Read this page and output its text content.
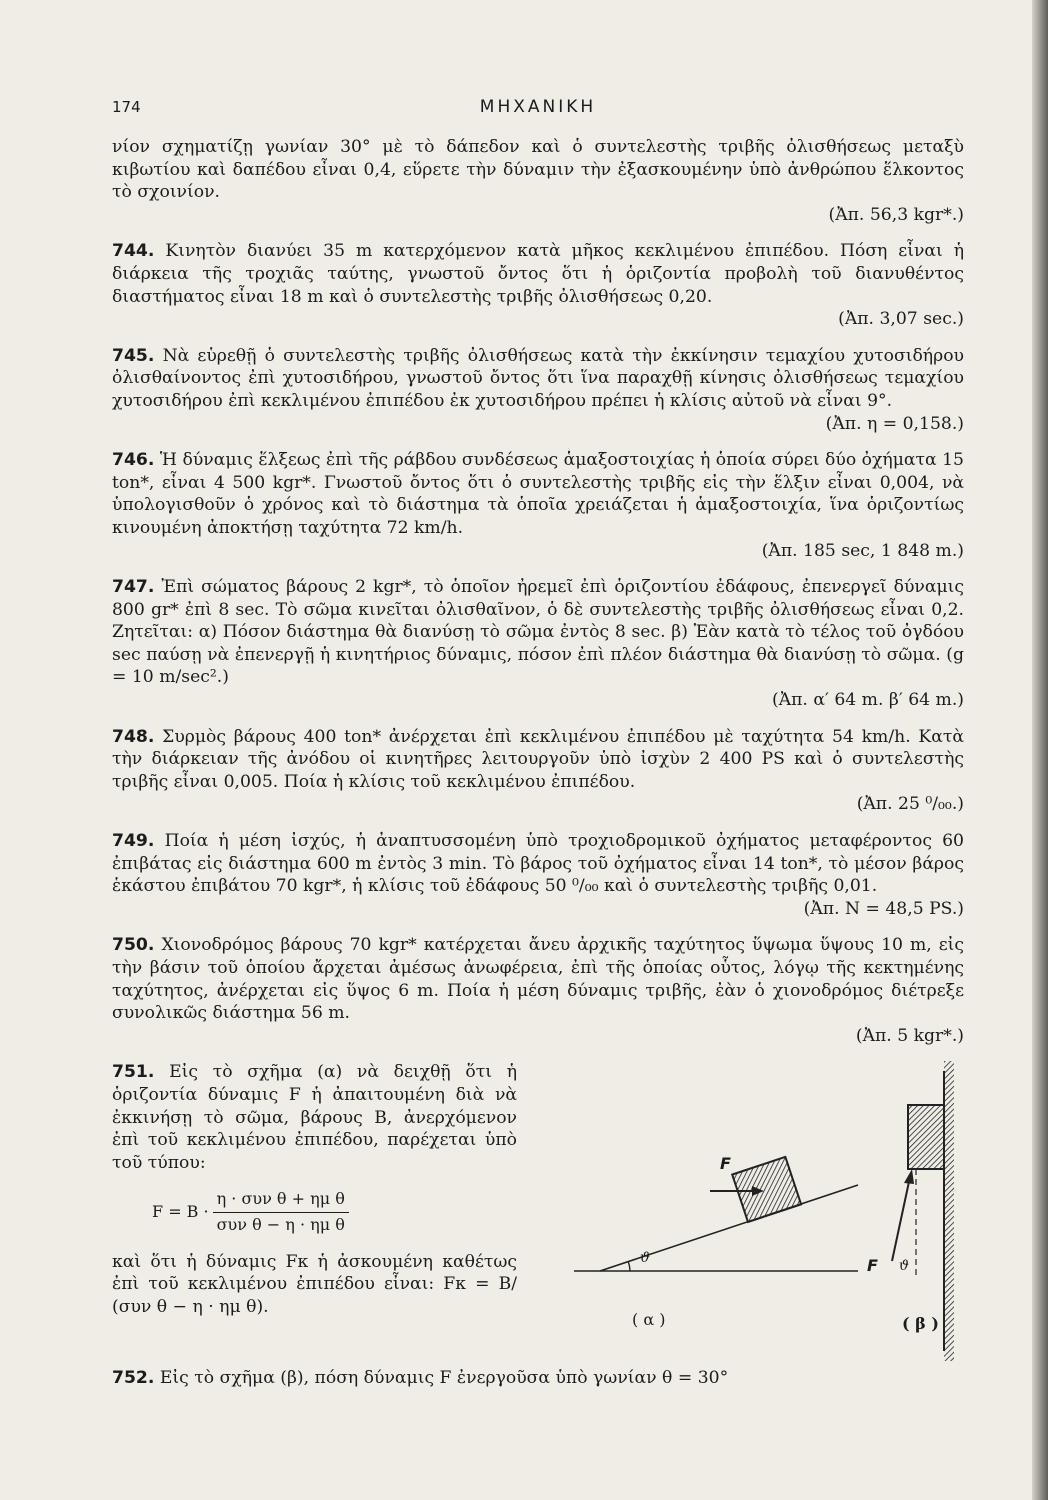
174	ΜΗΧΑΝΙΚΗ

νίον σχηματίζῃ γωνίαν 30° μὲ τὸ δάπεδον καὶ ὁ συντελεστὴς τριβῆς ὀλισθήσεως μεταξὺ κιβωτίου καὶ δαπέδου εἶναι 0,4, εὕρετε τὴν δύναμιν τὴν ἐξασκουμένην ὑπὸ ἀνθρώπου ἕλκοντος τὸ σχοινίον.
(Ἀπ. 56,3 kgr*.)

744. Κινητὸν διανύει 35 m κατερχόμενον κατὰ μῆκος κεκλιμένου ἐπιπέδου. Πόση εἶναι ἡ διάρκεια τῆς τροχιᾶς ταύτης, γνωστοῦ ὄντος ὅτι ἡ ὁριζοντία προβολὴ τοῦ διανυθέντος διαστήματος εἶναι 18 m καὶ ὁ συντελεστὴς τριβῆς ὀλισθήσεως 0,20.
(Ἀπ. 3,07 sec.)

745. Νὰ εὑρεθῇ ὁ συντελεστὴς τριβῆς ὀλισθήσεως κατὰ τὴν ἐκκίνησιν τεμαχίου χυτοσιδήρου ὀλισθαίνοντος ἐπὶ χυτοσιδήρου, γνωστοῦ ὄντος ὅτι ἵνα παραχθῇ κίνησις ὀλισθήσεως τεμαχίου χυτοσιδήρου ἐπὶ κεκλιμένου ἐπιπέδου ἐκ χυτοσιδήρου πρέπει ἡ κλίσις αὐτοῦ νὰ εἶναι 9°.
(Ἀπ. η = 0,158.)

746. Ἡ δύναμις ἕλξεως ἐπὶ τῆς ράβδου συνδέσεως ἁμαξοστοιχίας ἡ ὁποία σύρει δύο ὀχήματα 15 ton*, εἶναι 4 500 kgr*. Γνωστοῦ ὄντος ὅτι ὁ συντελεστὴς τριβῆς εἰς τὴν ἕλξιν εἶναι 0,004, νὰ ὑπολογισθοῦν ὁ χρόνος καὶ τὸ διάστημα τὰ ὁποῖα χρειάζεται ἡ ἁμαξοστοιχία, ἵνα ὁριζοντίως κινουμένη ἀποκτήσῃ ταχύτητα 72 km/h.
(Ἀπ. 185 sec, 1 848 m.)

747. Ἐπὶ σώματος βάρους 2 kgr*, τὸ ὁποῖον ἠρεμεῖ ἐπὶ ὁριζοντίου ἐδάφους, ἐπενεργεῖ δύναμις 800 gr* ἐπὶ 8 sec. Τὸ σῶμα κινεῖται ὀλισθαῖνον, ὁ δὲ συντελεστὴς τριβῆς ὀλισθήσεως εἶναι 0,2. Ζητεῖται: α) Πόσον διάστημα θὰ διανύσῃ τὸ σῶμα ἐντὸς 8 sec. β) Ἐὰν κατὰ τὸ τέλος τοῦ ὀγδόου sec παύσῃ νὰ ἐπενεργῇ ἡ κινητήριος δύναμις, πόσον ἐπὶ πλέον διάστημα θὰ διανύσῃ τὸ σῶμα. (g = 10 m/sec².)
(Ἀπ. α′ 64 m. β′ 64 m.)

748. Συρμὸς βάρους 400 ton* ἀνέρχεται ἐπὶ κεκλιμένου ἐπιπέδου μὲ ταχύτητα 54 km/h. Κατὰ τὴν διάρκειαν τῆς ἀνόδου οἱ κινητῆρες λειτουργοῦν ὑπὸ ἰσχὺν 2 400 PS καὶ ὁ συντελεστὴς τριβῆς εἶναι 0,005. Ποία ἡ κλίσις τοῦ κεκλιμένου ἐπιπέδου.
(Ἀπ. 25 ⁰/₀₀.)

749. Ποία ἡ μέση ἰσχύς, ἡ ἀναπτυσσομένη ὑπὸ τροχιοδρομικοῦ ὀχήματος μεταφέροντος 60 ἐπιβάτας εἰς διάστημα 600 m ἐντὸς 3 min. Τὸ βάρος τοῦ ὀχήματος εἶναι 14 ton*, τὸ μέσον βάρος ἑκάστου ἐπιβάτου 70 kgr*, ἡ κλίσις τοῦ ἐδάφους 50 ⁰/₀₀ καὶ ὁ συντελεστὴς τριβῆς 0,01.
(Ἀπ. N = 48,5 PS.)

750. Χιονοδρόμος βάρους 70 kgr* κατέρχεται ἄνευ ἀρχικῆς ταχύτητος ὕψωμα ὕψους 10 m, εἰς τὴν βάσιν τοῦ ὁποίου ἄρχεται ἀμέσως ἀνωφέρεια, ἐπὶ τῆς ὁποίας οὗτος, λόγῳ τῆς κεκτημένης ταχύτητος, ἀνέρχεται εἰς ὕψος 6 m. Ποία ἡ μέση δύναμις τριβῆς, ἐὰν ὁ χιονοδρόμος διέτρεξε συνολικῶς διάστημα 56 m.
(Ἀπ. 5 kgr*.)

751. Εἰς τὸ σχῆμα (α) νὰ δειχθῇ ὅτι ἡ ὁριζοντία δύναμις F ἡ ἀπαιτουμένη διὰ νὰ ἐκκινήσῃ τὸ σῶμα, βάρους B, ἀνερχόμενον ἐπὶ τοῦ κεκλιμένου ἐπιπέδου, παρέχεται ὑπὸ τοῦ τύπου:

$F = B \cdot \frac{\text{η · συν θ + ημ θ}}{\text{συν θ − η · ημ θ}}$

καὶ ὅτι ἡ δύναμις Fκ ἡ ἀσκουμένη καθέτως ἐπὶ τοῦ κεκλιμένου ἐπιπέδου εἶναι: Fκ = B/ (συν θ − η · ημ θ).

F
ϑ	F ϑ
( α )	( β )

752. Εἰς τὸ σχῆμα (β), πόση δύναμις F ἐνεργοῦσα ὑπὸ γωνίαν θ = 30°
